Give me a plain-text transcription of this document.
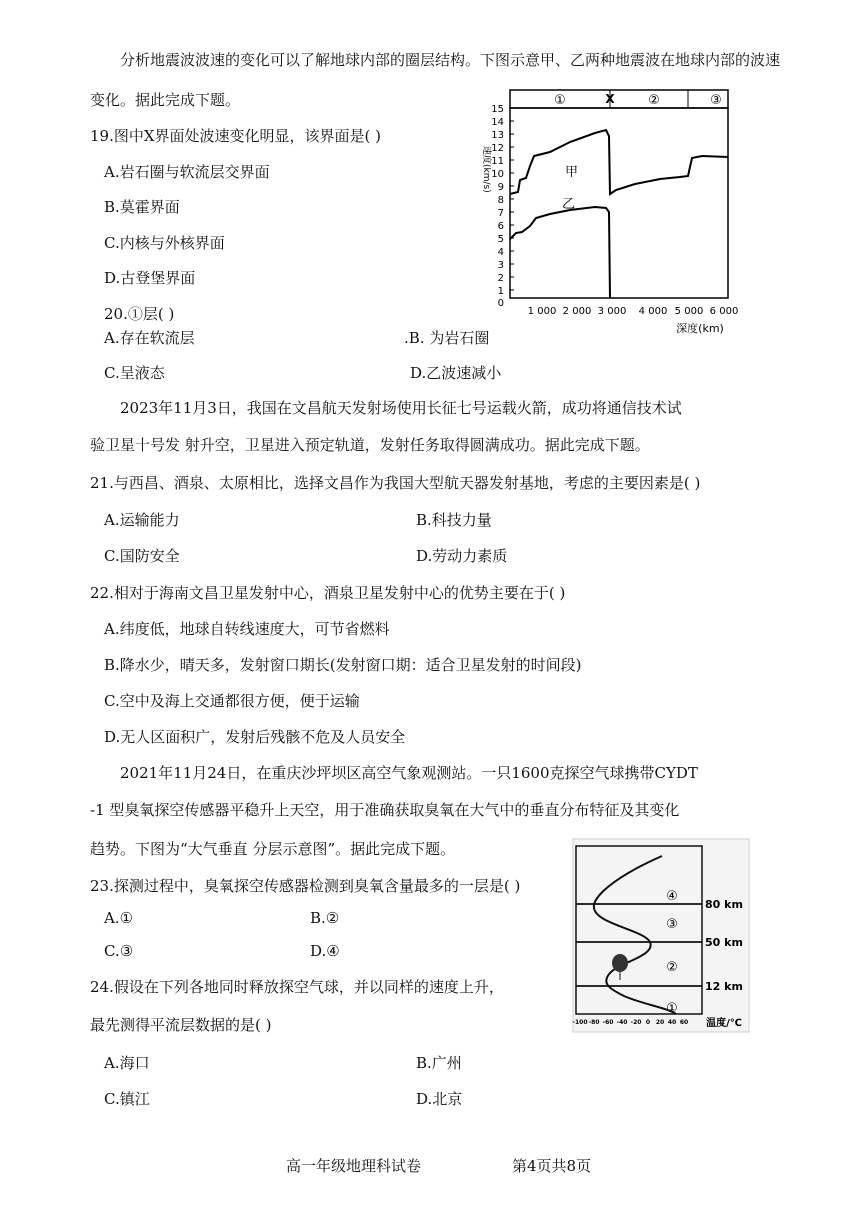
分析地震波波速的变化可以了解地球内部的圈层结构。下图示意甲、乙两种地震波在地球内部的波速
变化。据此完成下题。
19.图中X界面处波速变化明显，该界面是( )
A.岩石圈与软流层交界面
B.莫霍界面
C.内核与外核界面
D.古登堡界面
20.①层( )
A.存在软流层	.B. 为岩石圈
C.呈液态	D.乙波速减小
①	X	②	③
15
14
13
12
11
10
9
8
7
6
5
4
3
2
1
0
速度(km/s)
1 000 2 000 3 000 4 000 5 000 6 000
深度(km)
甲
乙
2023年11月3日，我国在文昌航天发射场使用长征七号运载火箭，成功将通信技术试
验卫星十号发 射升空，卫星进入预定轨道，发射任务取得圆满成功。据此完成下题。
21.与西昌、酒泉、太原相比，选择文昌作为我国大型航天器发射基地，考虑的主要因素是( )
A.运输能力	B.科技力量
C.国防安全	D.劳动力素质
22.相对于海南文昌卫星发射中心，酒泉卫星发射中心的优势主要在于( )
A.纬度低，地球自转线速度大，可节省燃料
B.降水少，晴天多，发射窗口期长(发射窗口期：适合卫星发射的时间段)
C.空中及海上交通都很方便，便于运输
D.无人区面积广，发射后残骸不危及人员安全
2021年11月24日，在重庆沙坪坝区高空气象观测站。一只1600克探空气球携带CYDT
-1 型臭氧探空传感器平稳升上天空，用于准确获取臭氧在大气中的垂直分布特征及其变化
趋势。下图为“大气垂直 分层示意图”。据此完成下题。
23.探测过程中，臭氧探空传感器检测到臭氧含量最多的一层是( )
A.①	B.②
C.③	D.④
24.假设在下列各地同时释放探空气球，并以同样的速度上升，
最先测得平流层数据的是( )
A.海口	B.广州
C.镇江	D.北京
④
③
②
①
80 km
50 km
12 km
-100 -80 -60 -40 -20 0 20 40 60 温度/℃
高一年级地理科试卷	第4页共8页
